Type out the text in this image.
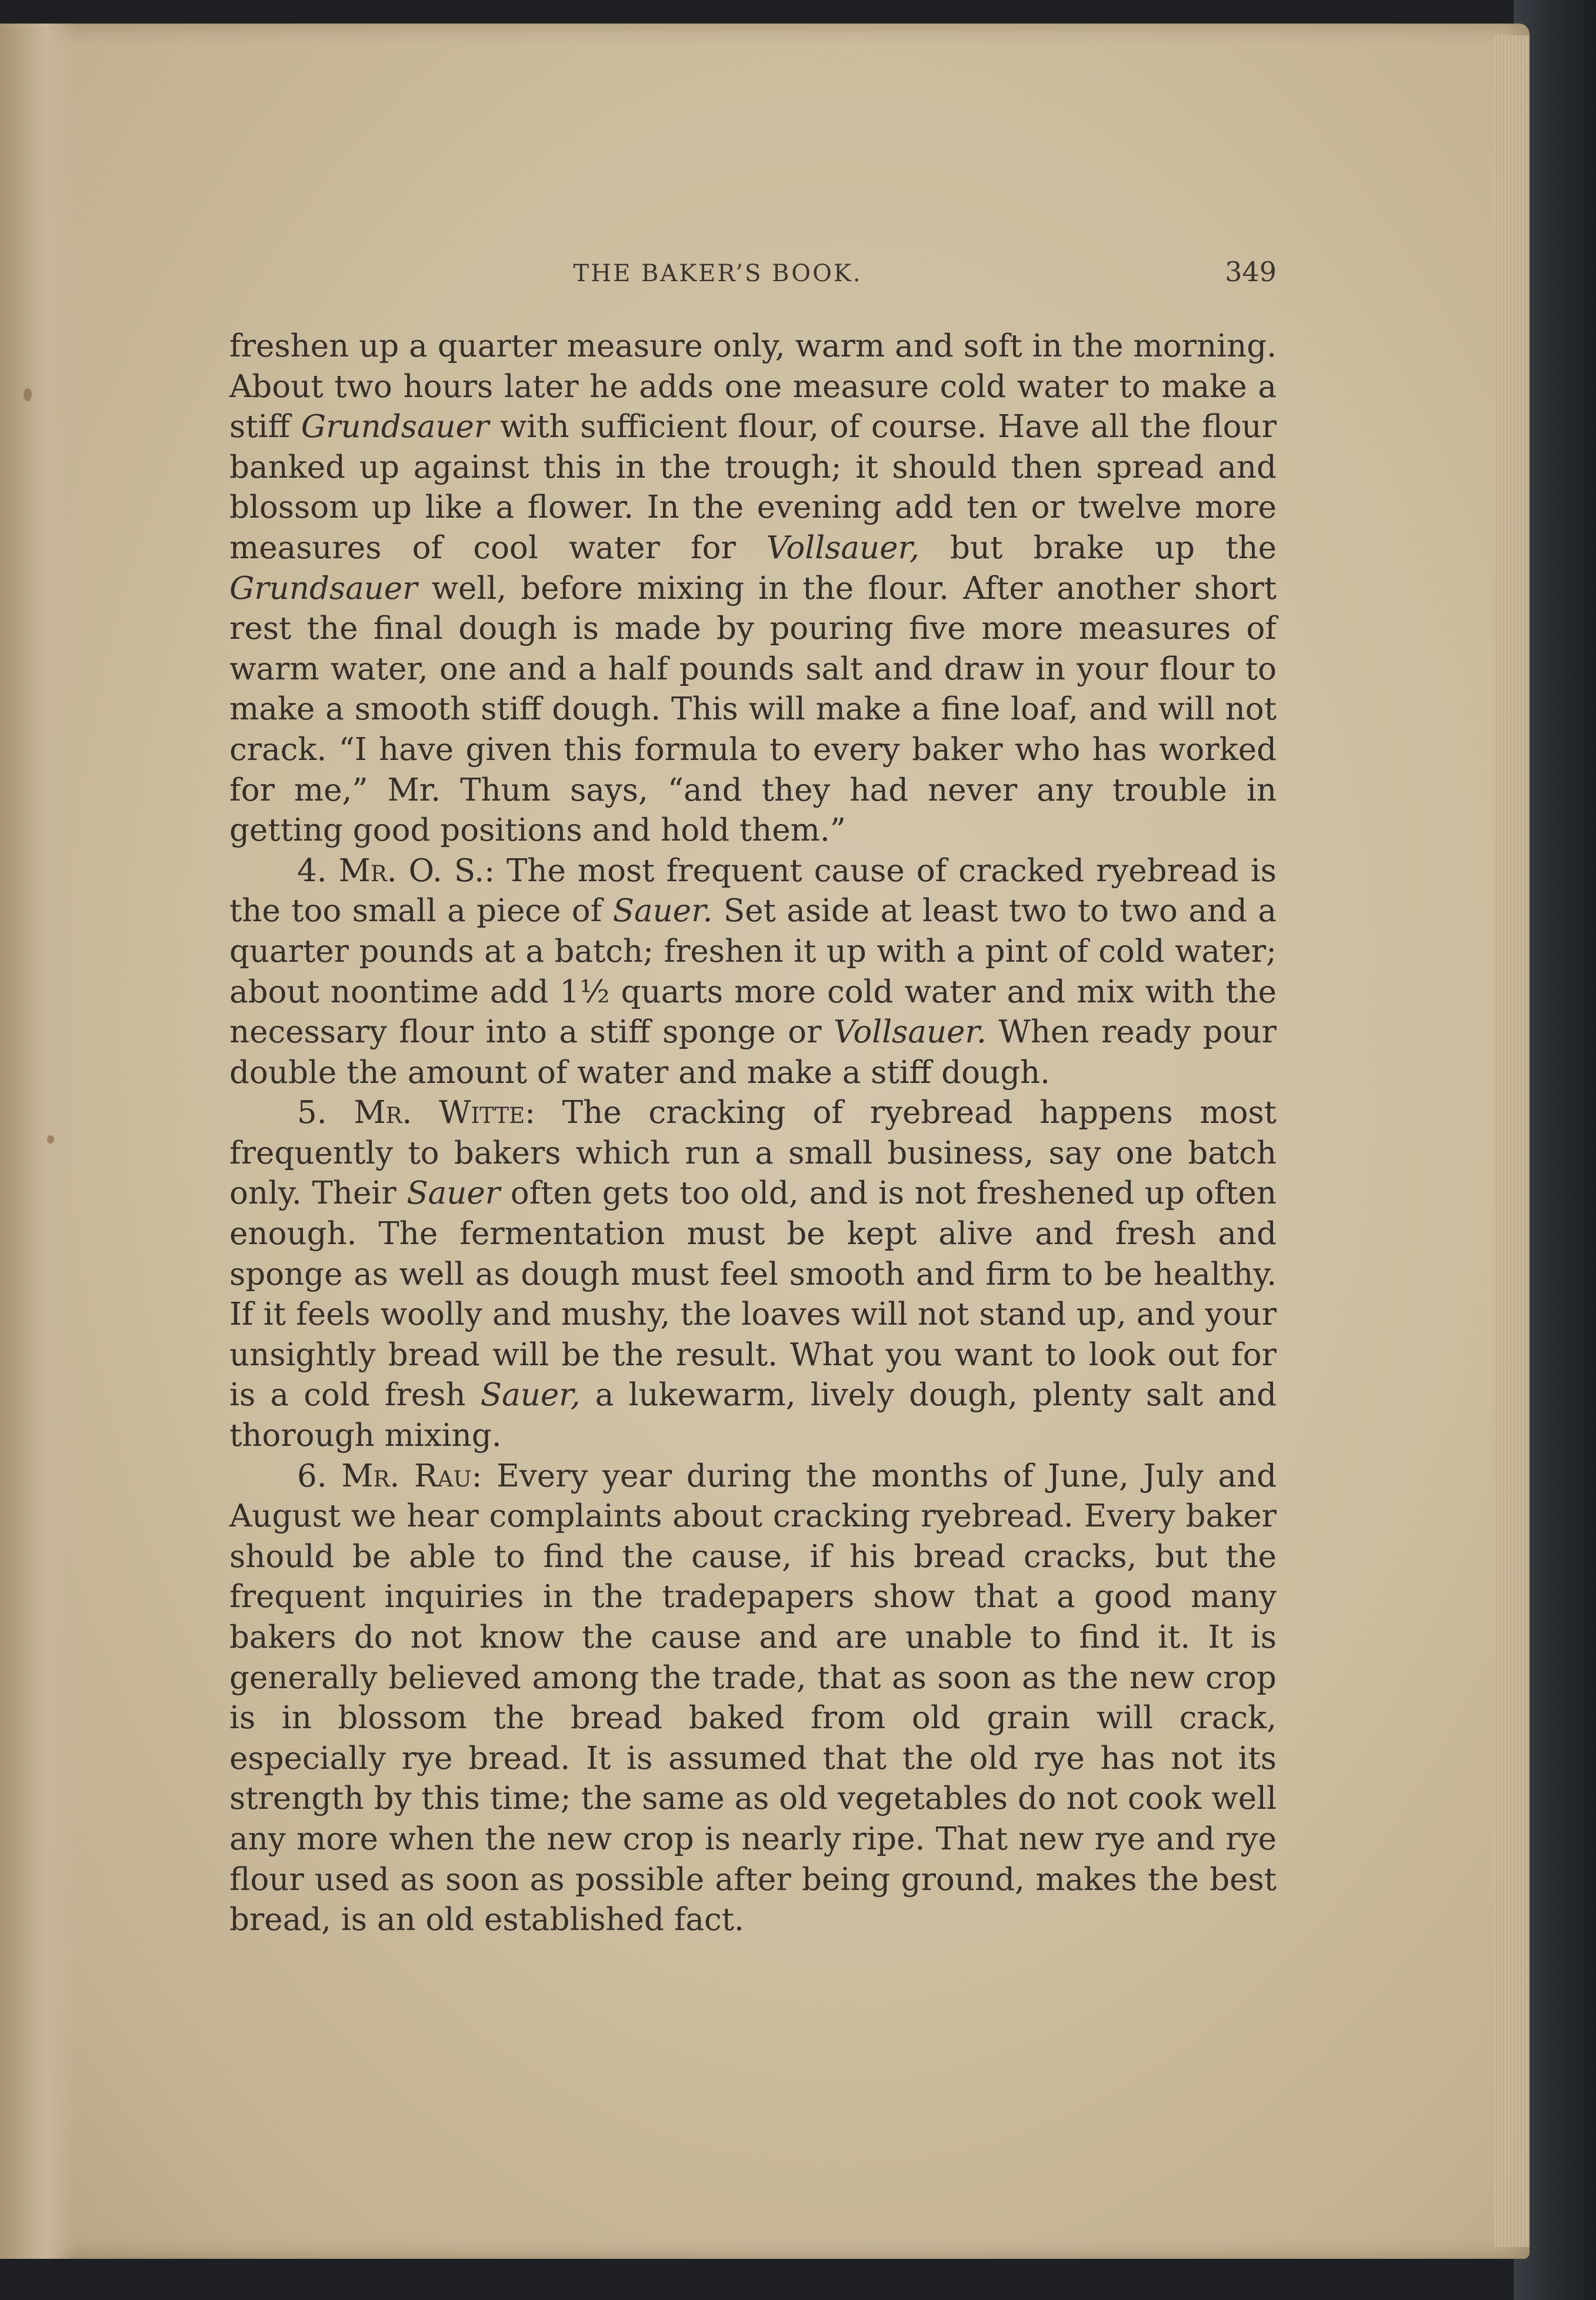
THE BAKER’S BOOK.	349

freshen up a quarter measure only, warm and soft in the morning. About two hours later he adds one measure cold water to make a stiff Grundsauer with sufficient flour, of course. Have all the flour banked up against this in the trough; it should then spread and blossom up like a flower. In the evening add ten or twelve more measures of cool water for Vollsauer, but brake up the Grundsauer well, before mixing in the flour. After another short rest the final dough is made by pouring five more measures of warm water, one and a half pounds salt and draw in your flour to make a smooth stiff dough. This will make a fine loaf, and will not crack. “I have given this formula to every baker who has worked for me,” Mr. Thum says, “and they had never any trouble in getting good positions and hold them.”

4. Mr. O. S.: The most frequent cause of cracked ryebread is the too small a piece of Sauer. Set aside at least two to two and a quarter pounds at a batch; freshen it up with a pint of cold water; about noontime add 1½ quarts more cold water and mix with the necessary flour into a stiff sponge or Vollsauer. When ready pour double the amount of water and make a stiff dough.

5. Mr. Witte: The cracking of ryebread happens most frequently to bakers which run a small business, say one batch only. Their Sauer often gets too old, and is not freshened up often enough. The fermentation must be kept alive and fresh and sponge as well as dough must feel smooth and firm to be healthy. If it feels woolly and mushy, the loaves will not stand up, and your unsightly bread will be the result. What you want to look out for is a cold fresh Sauer, a lukewarm, lively dough, plenty salt and thorough mixing.

6. Mr. Rau: Every year during the months of June, July and August we hear complaints about cracking ryebread. Every baker should be able to find the cause, if his bread cracks, but the frequent inquiries in the tradepapers show that a good many bakers do not know the cause and are unable to find it. It is generally believed among the trade, that as soon as the new crop is in blossom the bread baked from old grain will crack, especially rye bread. It is assumed that the old rye has not its strength by this time; the same as old vegetables do not cook well any more when the new crop is nearly ripe. That new rye and rye flour used as soon as possible after being ground, makes the best bread, is an old established fact.
